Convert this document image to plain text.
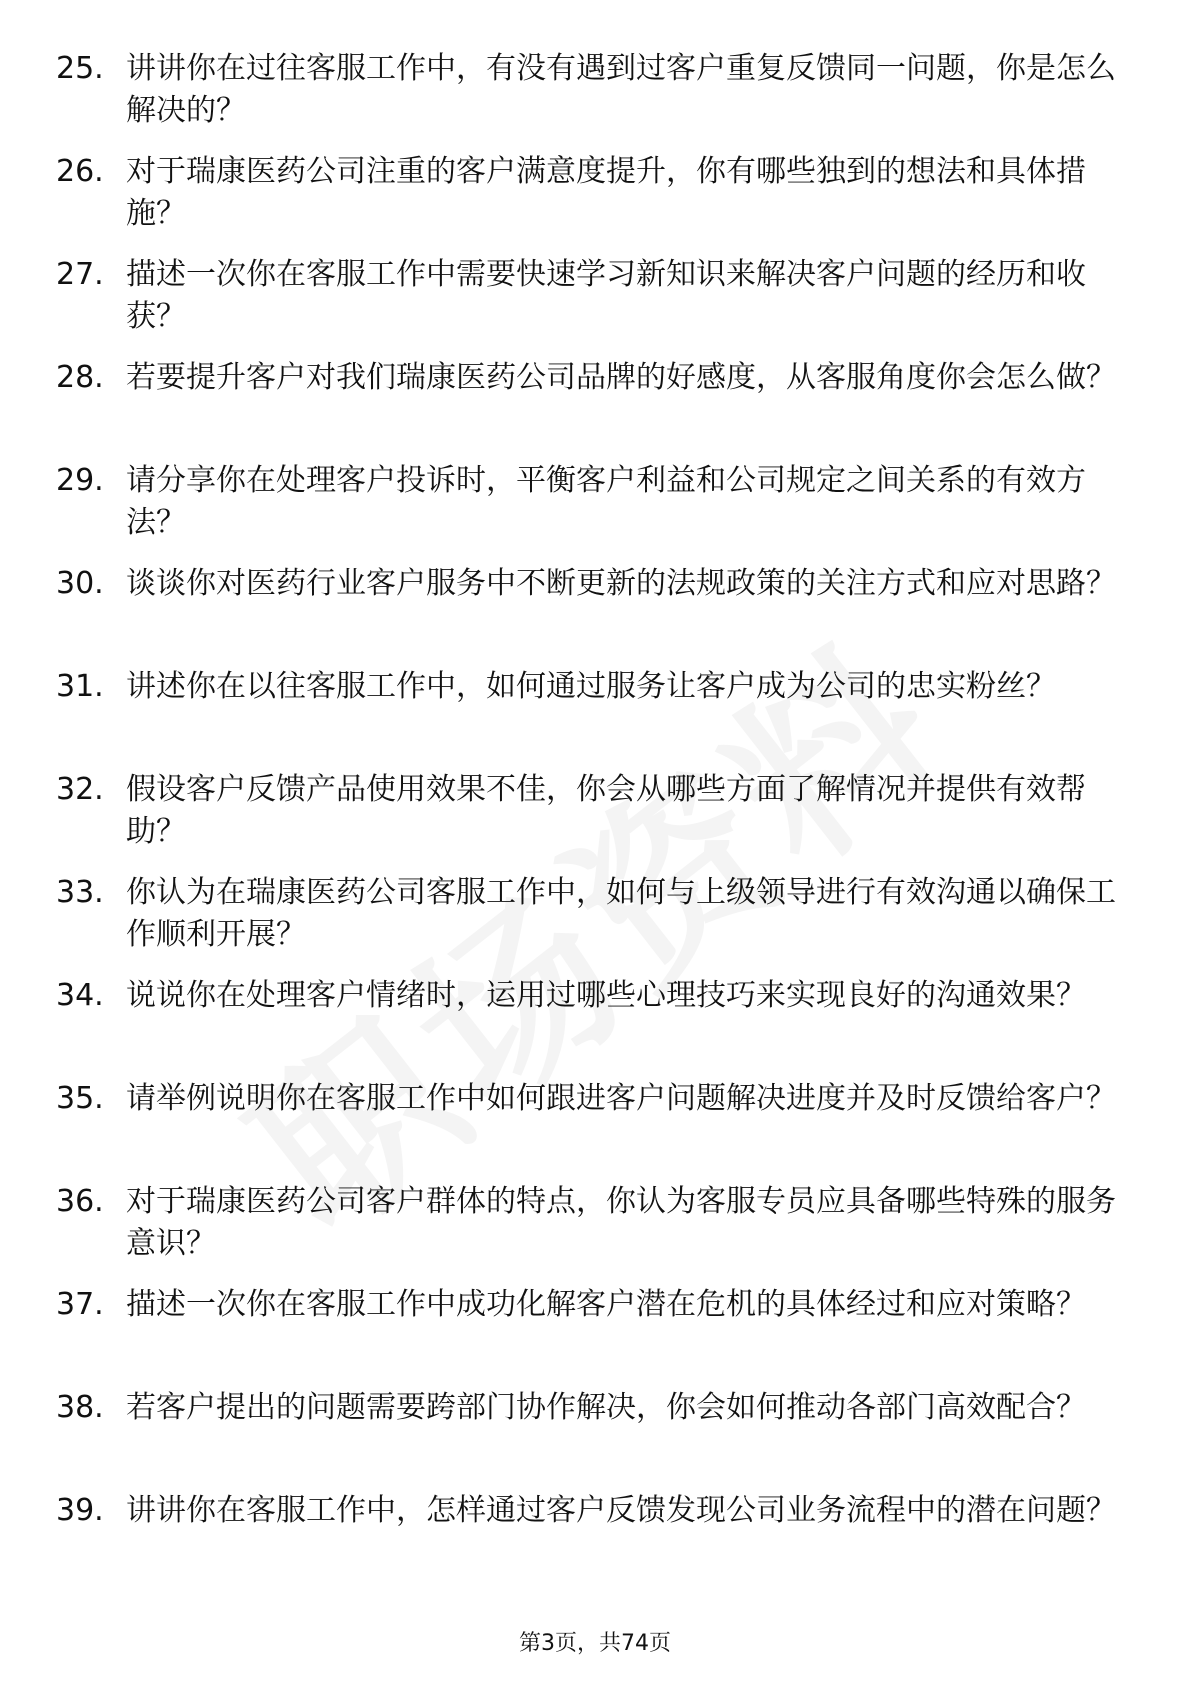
25. 讲讲你在过往客服工作中，有没有遇到过客户重复反馈同一问题，你是怎么解决的？
26. 对于瑞康医药公司注重的客户满意度提升，你有哪些独到的想法和具体措施？
27. 描述一次你在客服工作中需要快速学习新知识来解决客户问题的经历和收获？
28. 若要提升客户对我们瑞康医药公司品牌的好感度，从客服角度你会怎么做？
29. 请分享你在处理客户投诉时，平衡客户利益和公司规定之间关系的有效方法？
30. 谈谈你对医药行业客户服务中不断更新的法规政策的关注方式和应对思路？
31. 讲述你在以往客服工作中，如何通过服务让客户成为公司的忠实粉丝？
32. 假设客户反馈产品使用效果不佳，你会从哪些方面了解情况并提供有效帮助？
33. 你认为在瑞康医药公司客服工作中，如何与上级领导进行有效沟通以确保工作顺利开展？
34. 说说你在处理客户情绪时，运用过哪些心理技巧来实现良好的沟通效果？
35. 请举例说明你在客服工作中如何跟进客户问题解决进度并及时反馈给客户？
36. 对于瑞康医药公司客户群体的特点，你认为客服专员应具备哪些特殊的服务意识？
37. 描述一次你在客服工作中成功化解客户潜在危机的具体经过和应对策略？
38. 若客户提出的问题需要跨部门协作解决，你会如何推动各部门高效配合？
39. 讲讲你在客服工作中，怎样通过客户反馈发现公司业务流程中的潜在问题？
第3页，共74页
